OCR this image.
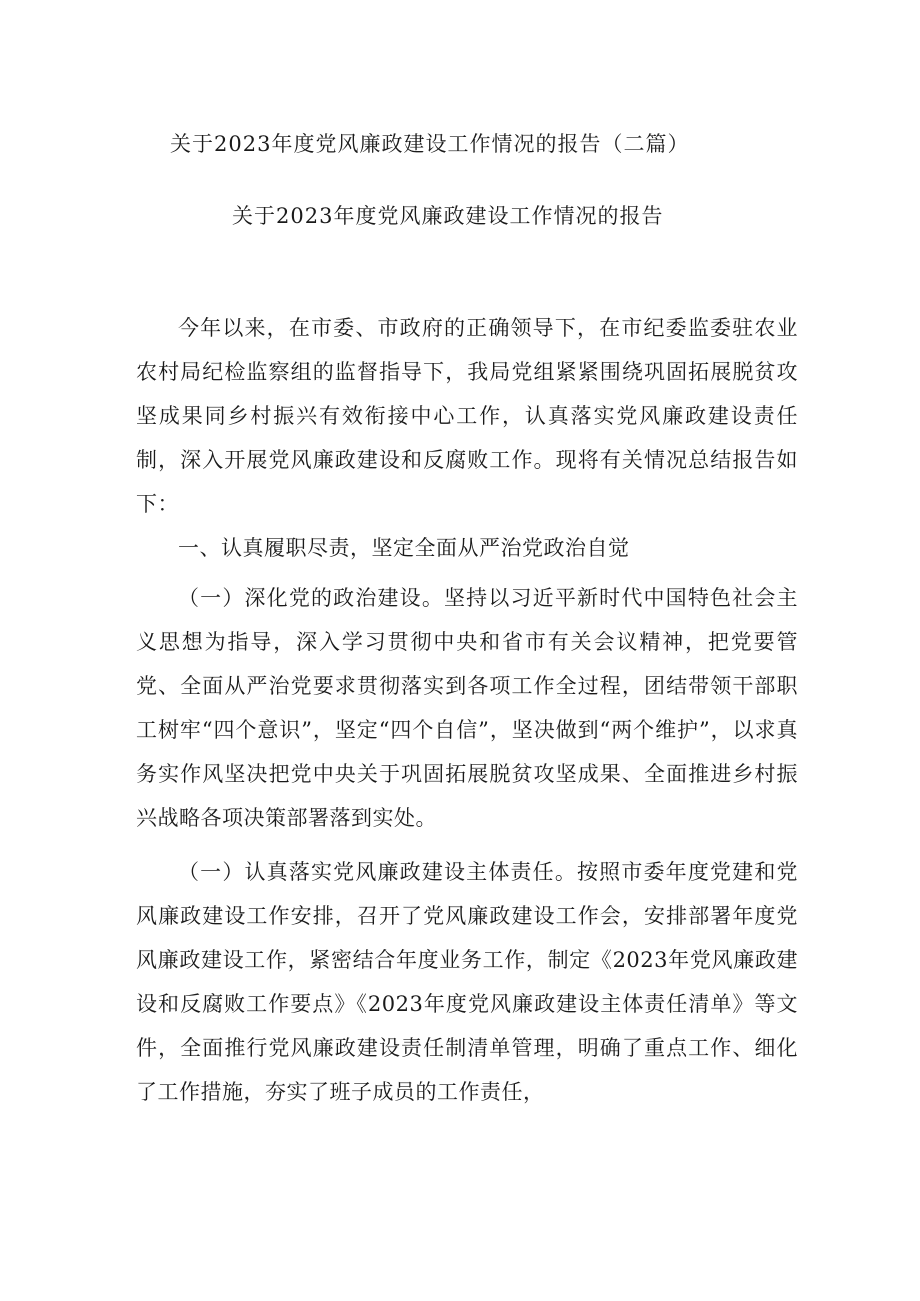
关于2023年度党风廉政建设工作情况的报告（二篇）
关于2023年度党风廉政建设工作情况的报告

今年以来，在市委、市政府的正确领导下，在市纪委监委驻农业农村局纪检监察组的监督指导下，我局党组紧紧围绕巩固拓展脱贫攻坚成果同乡村振兴有效衔接中心工作，认真落实党风廉政建设责任制，深入开展党风廉政建设和反腐败工作。现将有关情况总结报告如下：

一、认真履职尽责，坚定全面从严治党政治自觉

（一）深化党的政治建设。坚持以习近平新时代中国特色社会主义思想为指导，深入学习贯彻中央和省市有关会议精神，把党要管党、全面从严治党要求贯彻落实到各项工作全过程，团结带领干部职工树牢“四个意识”，坚定“四个自信”，坚决做到“两个维护”，以求真务实作风坚决把党中央关于巩固拓展脱贫攻坚成果、全面推进乡村振兴战略各项决策部署落到实处。

（一）认真落实党风廉政建设主体责任。按照市委年度党建和党风廉政建设工作安排，召开了党风廉政建设工作会，安排部署年度党风廉政建设工作，紧密结合年度业务工作，制定《2023年党风廉政建设和反腐败工作要点》《2023年度党风廉政建设主体责任清单》等文件，全面推行党风廉政建设责任制清单管理，明确了重点工作、细化了工作措施，夯实了班子成员的工作责任，
